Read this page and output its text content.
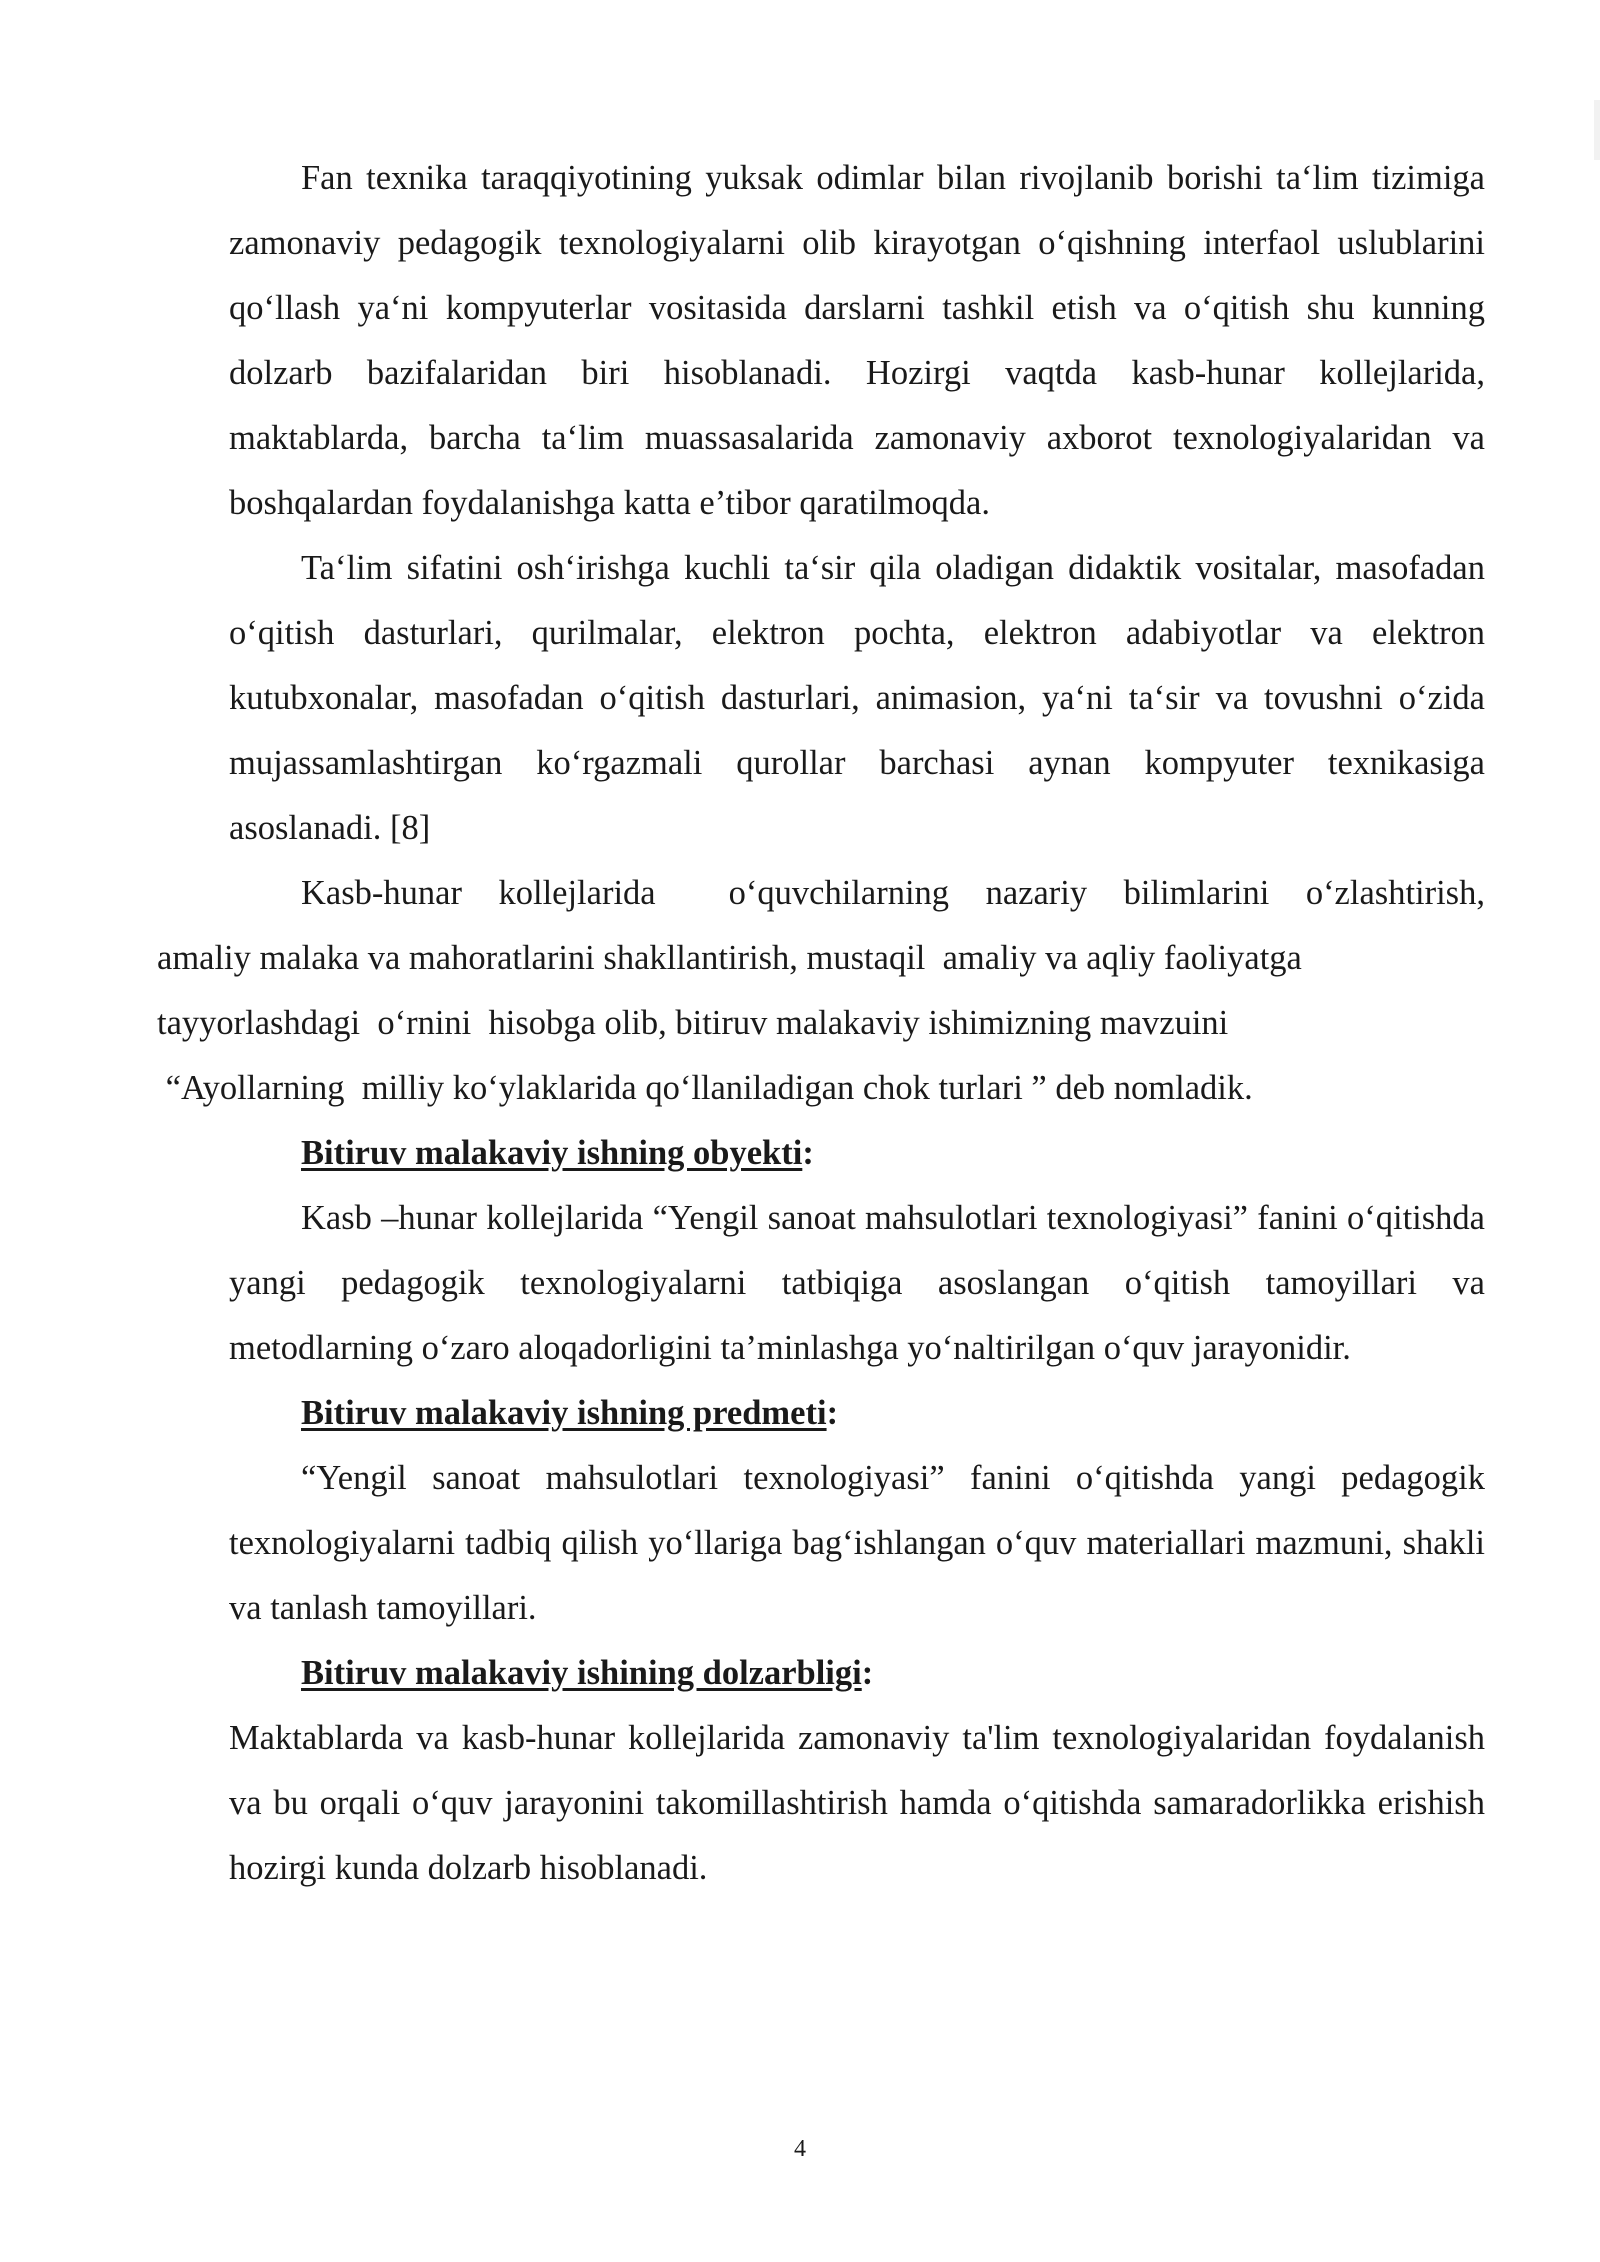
Fan texnika taraqqiyotining yuksak odimlar bilan rivojlanib borishi ta‘lim tizimiga zamonaviy pedagogik texnologiyalarni olib kirayotgan o‘qishning interfaol uslublarini qo‘llash ya‘ni kompyuterlar vositasida darslarni tashkil etish va o‘qitish shu kunning dolzarb bazifalaridan biri hisoblanadi. Hozirgi vaqtda kasb-hunar kollejlarida, maktablarda, barcha ta‘lim muassasalarida zamonaviy axborot texnologiyalaridan va boshqalardan foydalanishga katta e’tibor qaratilmoqda.

Ta‘lim sifatini osh‘irishga kuchli ta‘sir qila oladigan didaktik vositalar, masofadan o‘qitish dasturlari, qurilmalar, elektron pochta, elektron adabiyotlar va elektron kutubxonalar, masofadan o‘qitish dasturlari, animasion, ya‘ni ta‘sir va tovushni o‘zida mujassamlashtirgan ko‘rgazmali qurollar barchasi aynan kompyuter texnikasiga asoslanadi. [8]

Kasb-hunar kollejlarida  o‘quvchilarning nazariy bilimlarini o‘zlashtirish,
amaliy malaka va mahoratlarini shakllantirish, mustaqil  amaliy va aqliy faoliyatga
tayyorlashdagi  o‘rnini  hisobga olib, bitiruv malakaviy ishimizning mavzuini
“Ayollarning  milliy ko‘ylaklarida qo‘llaniladigan chok turlari ” deb nomladik.

Bitiruv malakaviy ishning obyekti:

Kasb –hunar kollejlarida “Yengil sanoat mahsulotlari texnologiyasi” fanini o‘qitishda yangi pedagogik texnologiyalarni tatbiqiga asoslangan o‘qitish tamoyillari va metodlarning o‘zaro aloqadorligini ta’minlashga yo‘naltirilgan o‘quv jarayonidir.

Bitiruv malakaviy ishning predmeti:

“Yengil sanoat mahsulotlari texnologiyasi” fanini o‘qitishda yangi pedagogik texnologiyalarni tadbiq qilish yo‘llariga bag‘ishlangan o‘quv materiallari mazmuni, shakli va tanlash tamoyillari.

Bitiruv malakaviy ishining dolzarbligi:

Maktablarda va kasb-hunar kollejlarida zamonaviy ta'lim texnologiyalaridan foydalanish va bu orqali o‘quv jarayonini takomillashtirish hamda o‘qitishda samaradorlikka erishish hozirgi kunda dolzarb hisoblanadi.

4
